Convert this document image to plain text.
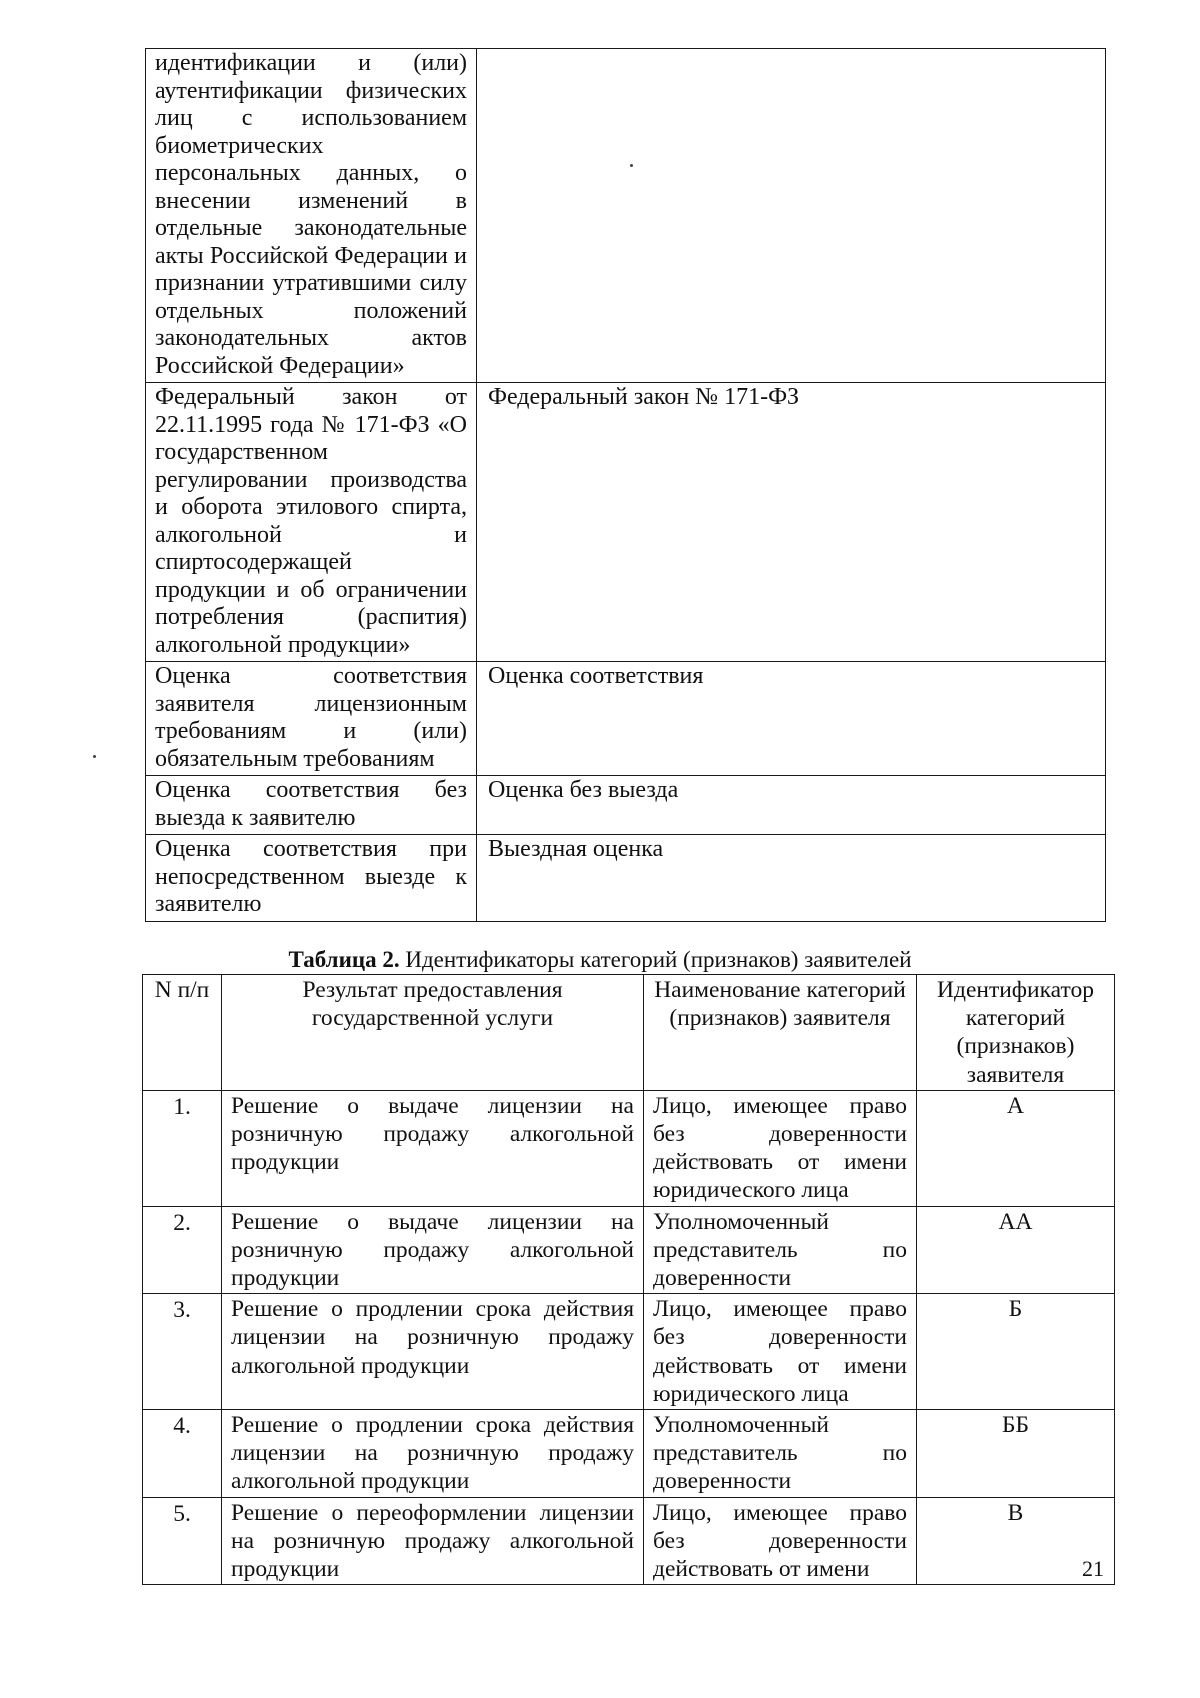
идентификации и (или) аутентификации физических лиц с использованием биометрических персональных данных, о внесении изменений в отдельные законодательные акты Российской Федерации и признании утратившими силу отдельных положений законодательных актов Российской Федерации»	
Федеральный закон от 22.11.1995 года № 171-ФЗ «О государственном регулировании производства и оборота этилового спирта, алкогольной и спиртосодержащей продукции и об ограничении потребления (распития) алкогольной продукции»	Федеральный закон № 171-ФЗ
Оценка соответствия заявителя лицензионным требованиям и (или) обязательным требованиям	Оценка соответствия
Оценка соответствия без выезда к заявителю	Оценка без выезда
Оценка соответствия при непосредственном выезде к заявителю	Выездная оценка
Таблица 2. Идентификаторы категорий (признаков) заявителей
N п/п	Результат предоставления государственной услуги	Наименование категорий (признаков) заявителя	Идентификатор категорий (признаков) заявителя
1.	Решение о выдаче лицензии на розничную продажу алкогольной продукции	Лицо, имеющее право без доверенности действовать от имени юридического лица	А
2.	Решение о выдаче лицензии на розничную продажу алкогольной продукции	Уполномоченный представитель по доверенности	АА
3.	Решение о продлении срока действия лицензии на розничную продажу алкогольной продукции	Лицо, имеющее право без доверенности действовать от имени юридического лица	Б
4.	Решение о продлении срока действия лицензии на розничную продажу алкогольной продукции	Уполномоченный представитель по доверенности	ББ
5.	Решение о переоформлении лицензии на розничную продажу алкогольной продукции	Лицо, имеющее право без доверенности действовать от имени	В
21
